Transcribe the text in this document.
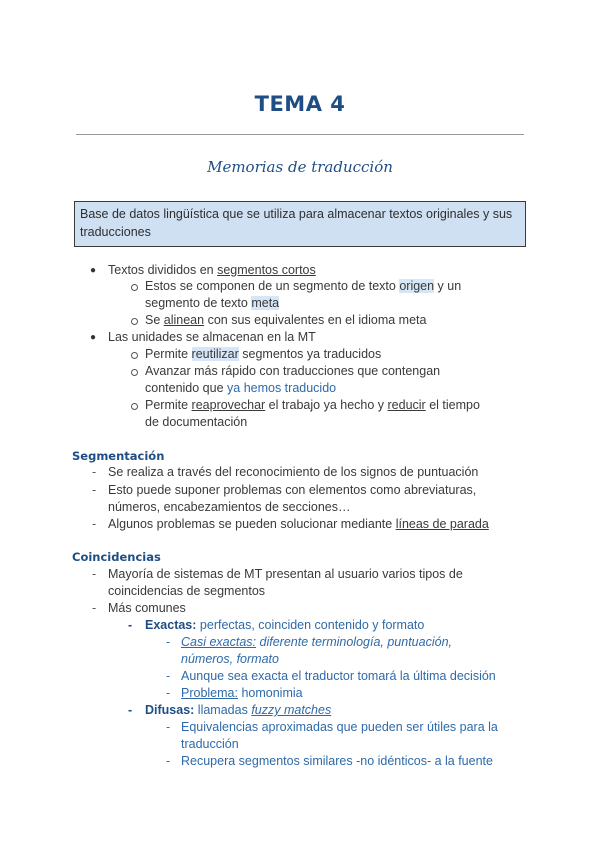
TEMA 4
Memorias de traducción
Base de datos lingüística que se utiliza para almacenar textos originales y sus traducciones
● Textos divididos en segmentos cortos
Estos se componen de un segmento de texto origen y un
segmento de texto meta
Se alinean con sus equivalentes en el idioma meta
● Las unidades se almacenan en la MT
Permite reutilizar segmentos ya traducidos
Avanzar más rápido con traducciones que contengan
contenido que ya hemos traducido
Permite reaprovechar el trabajo ya hecho y reducir el tiempo
de documentación
Segmentación
- Se realiza a través del reconocimiento de los signos de puntuación
- Esto puede suponer problemas con elementos como abreviaturas,
números, encabezamientos de secciones…
- Algunos problemas se pueden solucionar mediante líneas de parada
Coincidencias
- Mayoría de sistemas de MT presentan al usuario varios tipos de
coincidencias de segmentos
- Más comunes
- Exactas: perfectas, coinciden contenido y formato
- Casi exactas: diferente terminología, puntuación,
números, formato
- Aunque sea exacta el traductor tomará la última decisión
- Problema: homonimia
- Difusas: llamadas fuzzy matches
- Equivalencias aproximadas que pueden ser útiles para la
traducción
- Recupera segmentos similares -no idénticos- a la fuente
